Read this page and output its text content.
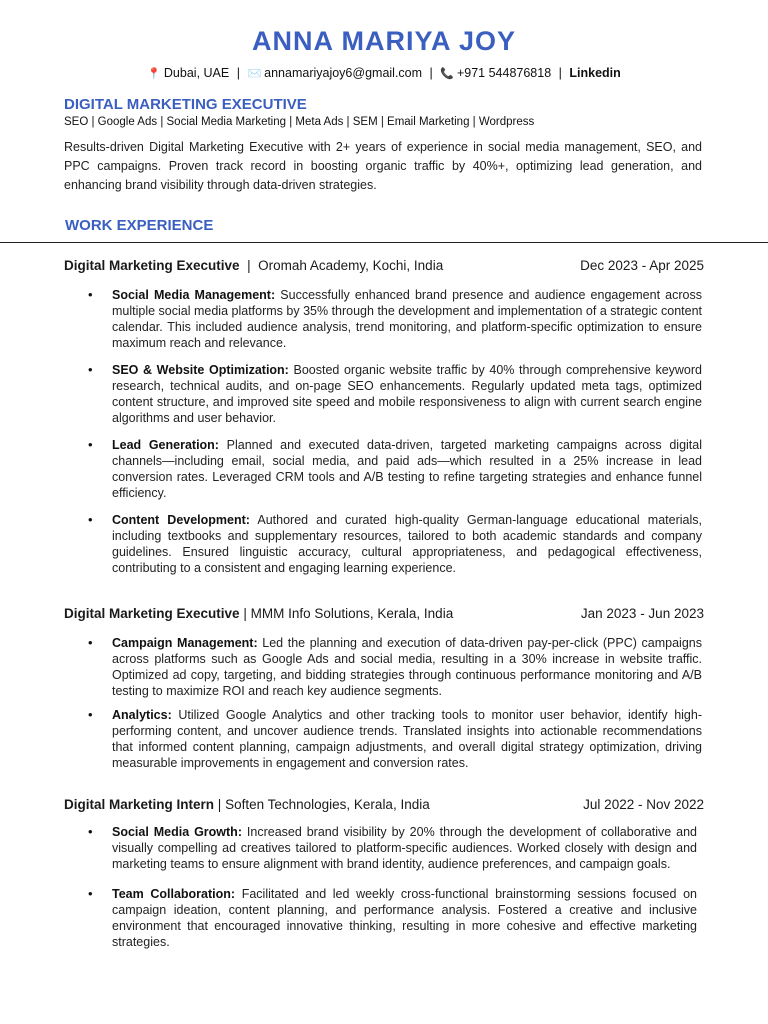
ANNA MARIYA JOY
📍 Dubai, UAE | ✉️ annamariyajoy6@gmail.com | 📞 +971 544876818 | Linkedin
DIGITAL MARKETING EXECUTIVE
SEO | Google Ads | Social Media Marketing | Meta Ads | SEM | Email Marketing | Wordpress
Results-driven Digital Marketing Executive with 2+ years of experience in social media management, SEO, and PPC campaigns. Proven track record in boosting organic traffic by 40%+, optimizing lead generation, and enhancing brand visibility through data-driven strategies.
WORK EXPERIENCE
Digital Marketing Executive  |  Oromah Academy, Kochi, India	Dec 2023 - Apr 2025
• Social Media Management: Successfully enhanced brand presence and audience engagement across multiple social media platforms by 35% through the development and implementation of a strategic content calendar. This included audience analysis, trend monitoring, and platform-specific optimization to ensure maximum reach and relevance.
• SEO & Website Optimization: Boosted organic website traffic by 40% through comprehensive keyword research, technical audits, and on-page SEO enhancements. Regularly updated meta tags, optimized content structure, and improved site speed and mobile responsiveness to align with current search engine algorithms and user behavior.
• Lead Generation: Planned and executed data-driven, targeted marketing campaigns across digital channels—including email, social media, and paid ads—which resulted in a 25% increase in lead conversion rates. Leveraged CRM tools and A/B testing to refine targeting strategies and enhance funnel efficiency.
• Content Development: Authored and curated high-quality German-language educational materials, including textbooks and supplementary resources, tailored to both academic standards and company guidelines. Ensured linguistic accuracy, cultural appropriateness, and pedagogical effectiveness, contributing to a consistent and engaging learning experience.
Digital Marketing Executive | MMM Info Solutions, Kerala, India	Jan 2023 - Jun 2023
• Campaign Management: Led the planning and execution of data-driven pay-per-click (PPC) campaigns across platforms such as Google Ads and social media, resulting in a 30% increase in website traffic. Optimized ad copy, targeting, and bidding strategies through continuous performance monitoring and A/B testing to maximize ROI and reach key audience segments.
• Analytics: Utilized Google Analytics and other tracking tools to monitor user behavior, identify high-performing content, and uncover audience trends. Translated insights into actionable recommendations that informed content planning, campaign adjustments, and overall digital strategy optimization, driving measurable improvements in engagement and conversion rates.
Digital Marketing Intern | Soften Technologies, Kerala, India	Jul 2022 - Nov 2022
• Social Media Growth: Increased brand visibility by 20% through the development of collaborative and visually compelling ad creatives tailored to platform-specific audiences. Worked closely with design and marketing teams to ensure alignment with brand identity, audience preferences, and campaign goals.
• Team Collaboration: Facilitated and led weekly cross-functional brainstorming sessions focused on campaign ideation, content planning, and performance analysis. Fostered a creative and inclusive environment that encouraged innovative thinking, resulting in more cohesive and effective marketing strategies.
